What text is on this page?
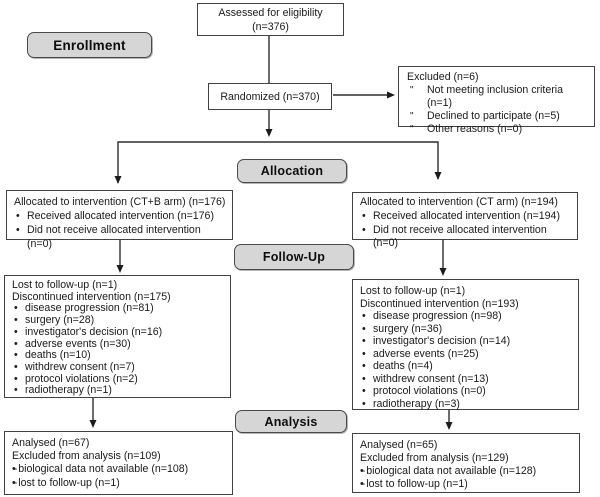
Assessed for eligibility
(n=376)
Enrollment
Randomized (n=370)
Excluded (n=6)
"	Not meeting inclusion criteria (n=1)
"	Declined to participate (n=5)
"	Other reasons (n=0)
Allocation
Allocated to intervention (CT+B arm) (n=176)
• Received allocated intervention (n=176)
• Did not receive allocated intervention (n=0)
Allocated to intervention (CT arm) (n=194)
• Received allocated intervention (n=194)
• Did not receive allocated intervention (n=0)
Follow-Up
Lost to follow-up (n=1)
Discontinued intervention (n=175)
• disease progression (n=81)
• surgery (n=28)
• investigator's decision (n=16)
• adverse events (n=30)
• deaths (n=10)
• withdrew consent (n=7)
• protocol violations (n=2)
• radiotherapy (n=1)
Lost to follow-up (n=1)
Discontinued intervention (n=193)
• disease progression (n=98)
• surgery (n=36)
• investigator's decision (n=14)
• adverse events (n=25)
• deaths (n=4)
• withdrew consent (n=13)
• protocol violations (n=0)
• radiotherapy (n=3)
Analysis
Analysed (n=67)
Excluded from analysis (n=109)
•- biological data not available (n=108)
•- lost to follow-up (n=1)
Analysed (n=65)
Excluded from analysis (n=129)
•- biological data not available (n=128)
•- lost to follow-up (n=1)
